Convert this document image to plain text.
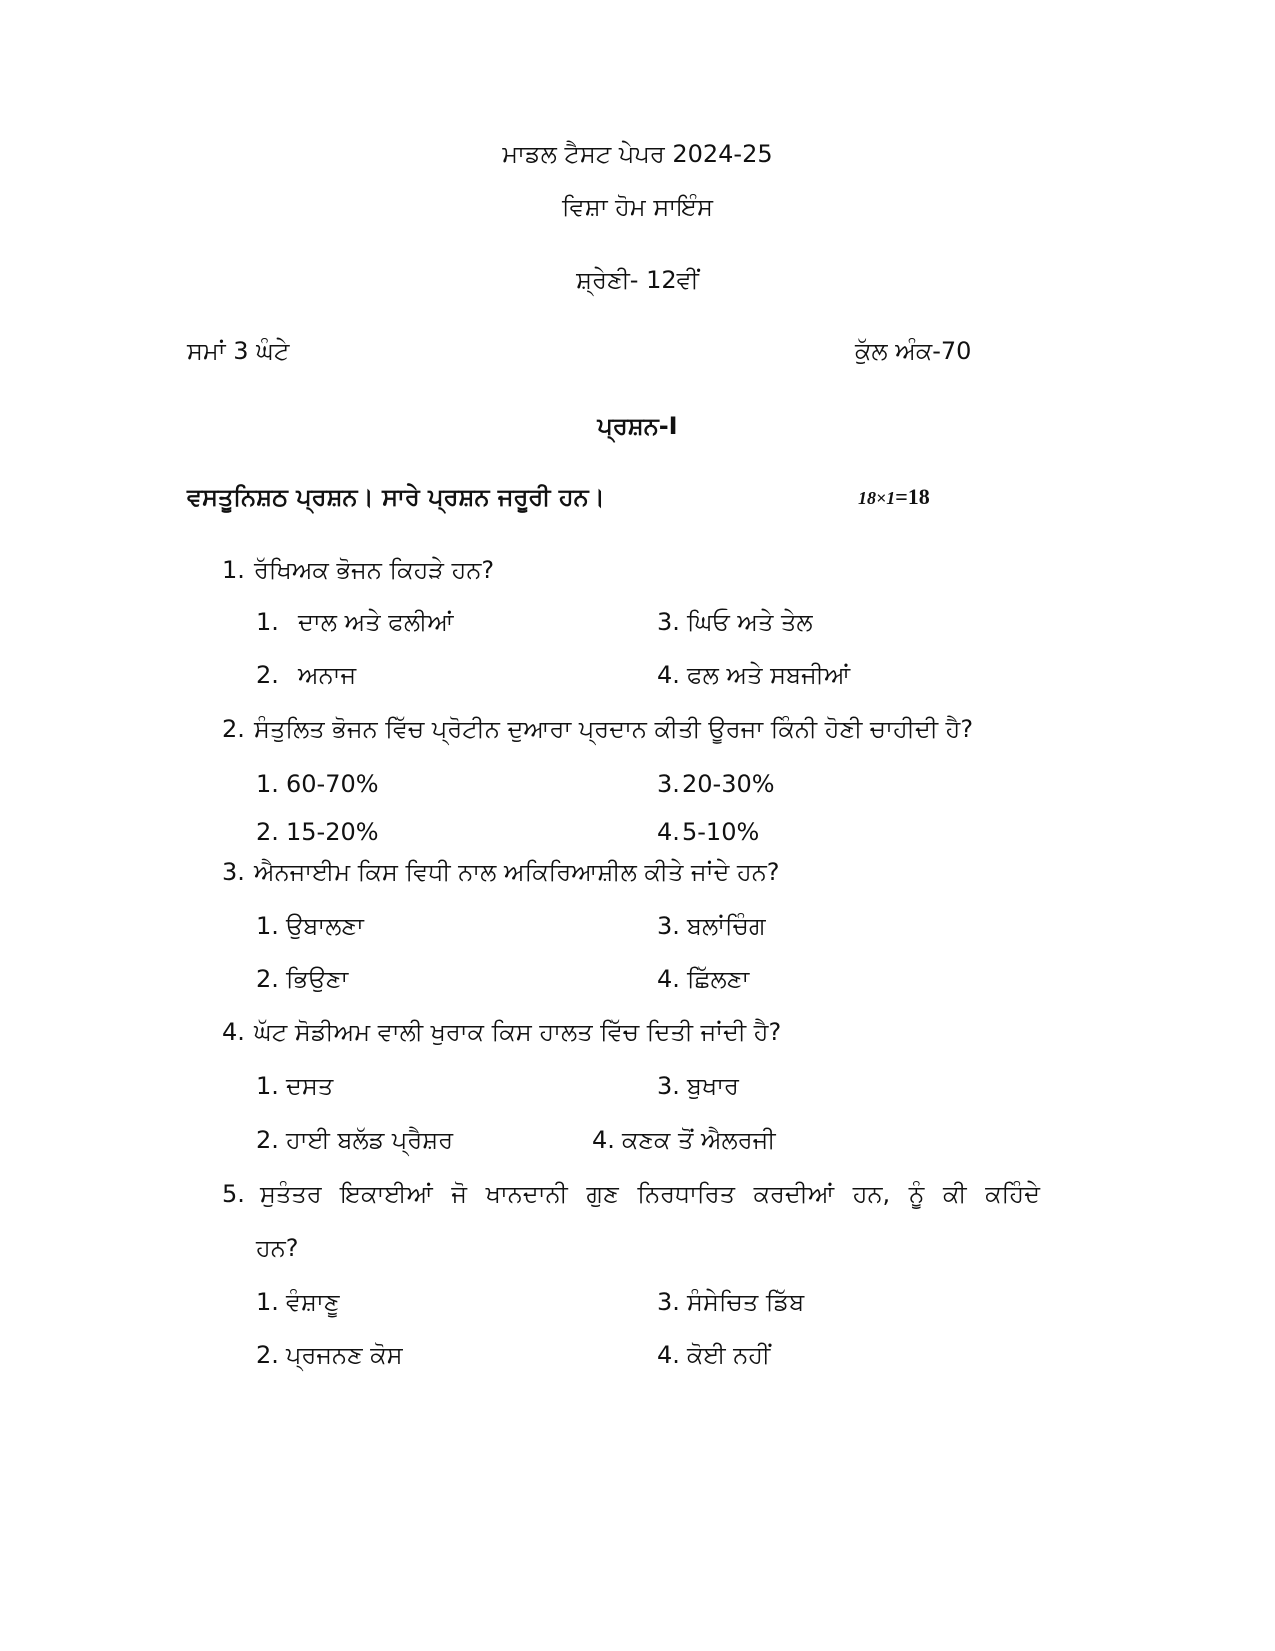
ਮਾਡਲ ਟੈਸਟ ਪੇਪਰ 2024-25
ਵਿਸ਼ਾ ਹੋਮ ਸਾਇੰਸ
ਸ਼੍ਰੇਣੀ- 12ਵੀਂ
ਸਮਾਂ 3 ਘੰਟੇ	ਕੁੱਲ ਅੰਕ-70
ਪ੍ਰਸ਼ਨ-I
ਵਸਤੂਨਿਸ਼ਠ ਪ੍ਰਸ਼ਨ। ਸਾਰੇ ਪ੍ਰਸ਼ਨ ਜਰੂਰੀ ਹਨ।	18×1=18
1. ਰੱਖਿਅਕ ਭੋਜਨ ਕਿਹੜੇ ਹਨ?
1. ਦਾਲ ਅਤੇ ਫਲੀਆਂ	3. ਘਿਓ ਅਤੇ ਤੇਲ
2. ਅਨਾਜ	4. ਫਲ ਅਤੇ ਸਬਜੀਆਂ
2. ਸੰਤੁਲਿਤ ਭੋਜਨ ਵਿੱਚ ਪ੍ਰੋਟੀਨ ਦੁਆਰਾ ਪ੍ਰਦਾਨ ਕੀਤੀ ਊਰਜਾ ਕਿੰਨੀ ਹੋਣੀ ਚਾਹੀਦੀ ਹੈ?
1. 60-70%	3.20-30%
2. 15-20%	4.5-10%
3. ਐਨਜਾਈਮ ਕਿਸ ਵਿਧੀ ਨਾਲ ਅਕਿਰਿਆਸ਼ੀਲ ਕੀਤੇ ਜਾਂਦੇ ਹਨ?
1. ਉਬਾਲਣਾ	3. ਬਲਾਂਚਿੰਗ
2. ਭਿਉਣਾ	4. ਛਿੱਲਣਾ
4. ਘੱਟ ਸੋਡੀਅਮ ਵਾਲੀ ਖੁਰਾਕ ਕਿਸ ਹਾਲਤ ਵਿੱਚ ਦਿਤੀ ਜਾਂਦੀ ਹੈ?
1. ਦਸਤ	3. ਬੁਖਾਰ
2. ਹਾਈ ਬਲੱਡ ਪ੍ਰੈਸ਼ਰ	4. ਕਣਕ ਤੋਂ ਐਲਰਜੀ
5. ਸੁਤੰਤਰ ਇਕਾਈਆਂ ਜੋ ਖਾਨਦਾਨੀ ਗੁਣ ਨਿਰਧਾਰਿਤ ਕਰਦੀਆਂ ਹਨ, ਨੂੰ ਕੀ ਕਹਿੰਦੇ
ਹਨ?
1. ਵੰਸ਼ਾਣੂ	3. ਸੰਸੇਚਿਤ ਡਿੱਬ
2. ਪ੍ਰਜਨਣ ਕੋਸ	4. ਕੋਈ ਨਹੀਂ
